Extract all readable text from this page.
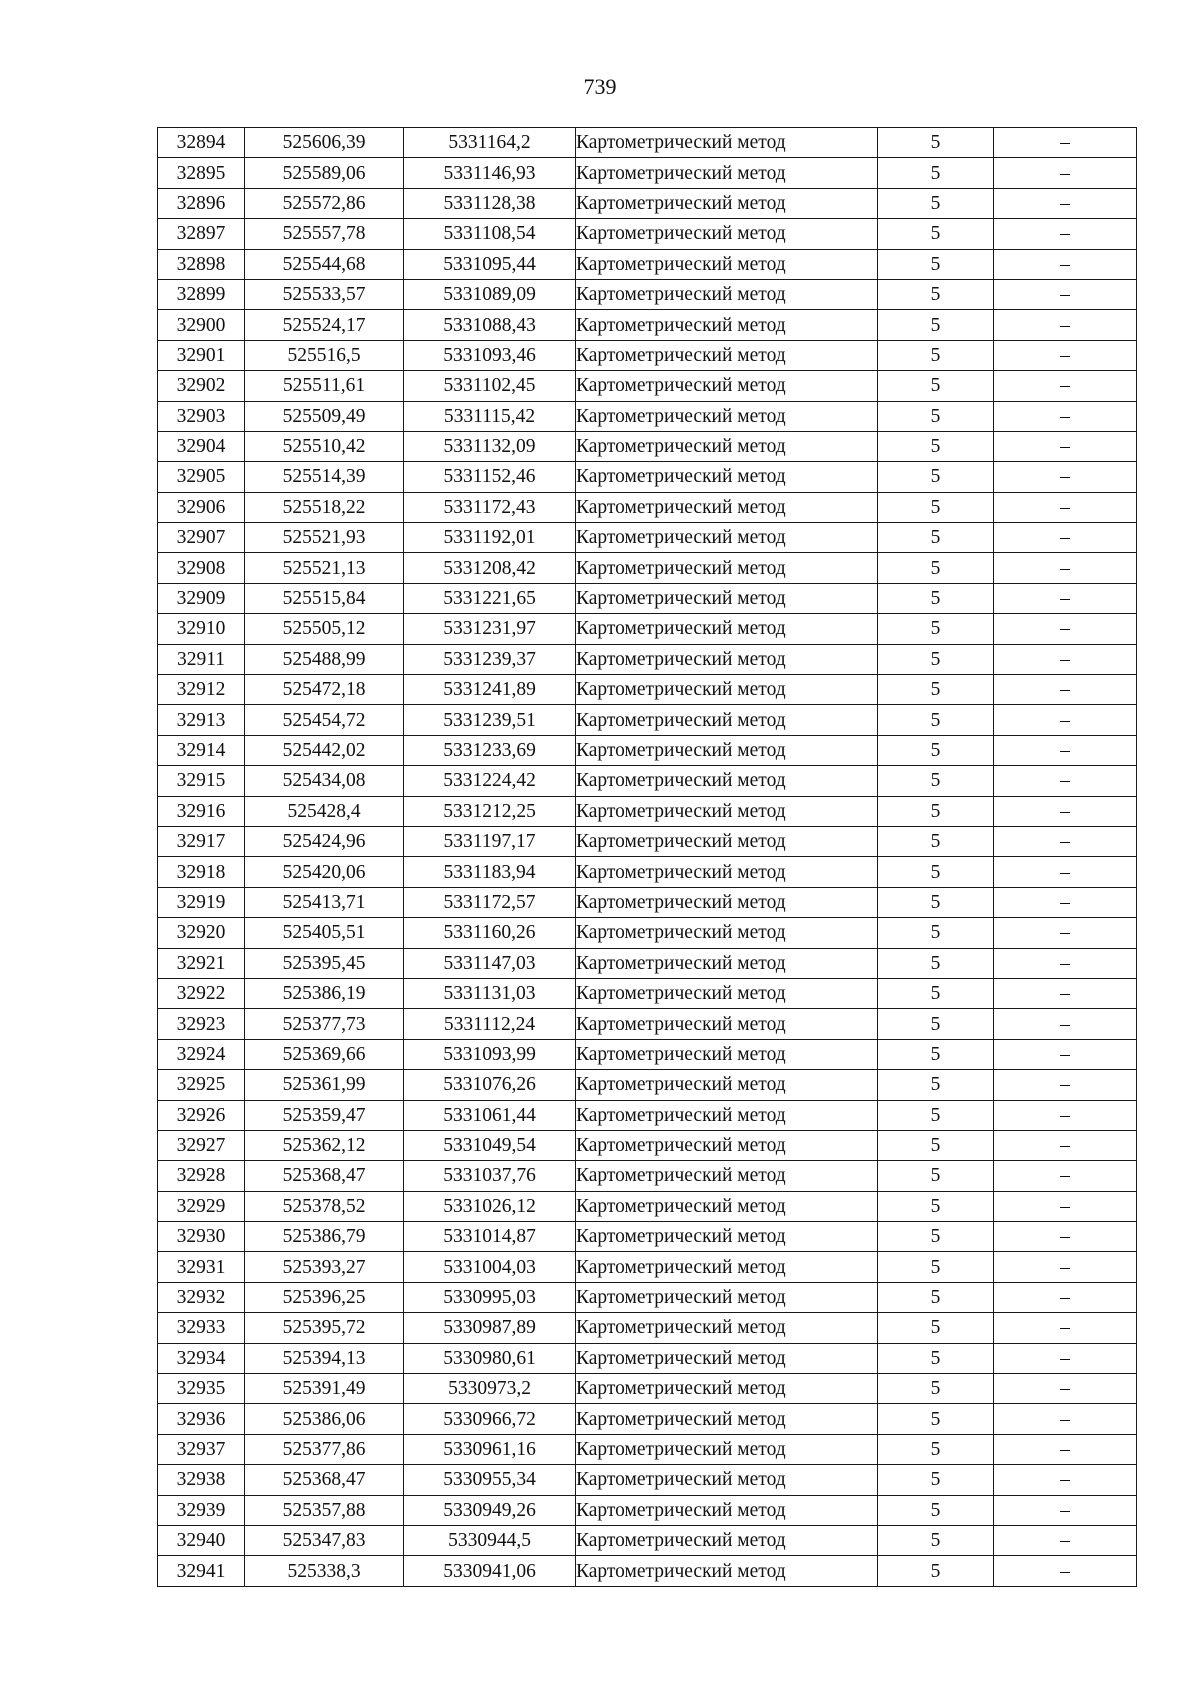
739
32894	525606,39	5331164,2	Картометрический метод	5	–
32895	525589,06	5331146,93	Картометрический метод	5	–
32896	525572,86	5331128,38	Картометрический метод	5	–
32897	525557,78	5331108,54	Картометрический метод	5	–
32898	525544,68	5331095,44	Картометрический метод	5	–
32899	525533,57	5331089,09	Картометрический метод	5	–
32900	525524,17	5331088,43	Картометрический метод	5	–
32901	525516,5	5331093,46	Картометрический метод	5	–
32902	525511,61	5331102,45	Картометрический метод	5	–
32903	525509,49	5331115,42	Картометрический метод	5	–
32904	525510,42	5331132,09	Картометрический метод	5	–
32905	525514,39	5331152,46	Картометрический метод	5	–
32906	525518,22	5331172,43	Картометрический метод	5	–
32907	525521,93	5331192,01	Картометрический метод	5	–
32908	525521,13	5331208,42	Картометрический метод	5	–
32909	525515,84	5331221,65	Картометрический метод	5	–
32910	525505,12	5331231,97	Картометрический метод	5	–
32911	525488,99	5331239,37	Картометрический метод	5	–
32912	525472,18	5331241,89	Картометрический метод	5	–
32913	525454,72	5331239,51	Картометрический метод	5	–
32914	525442,02	5331233,69	Картометрический метод	5	–
32915	525434,08	5331224,42	Картометрический метод	5	–
32916	525428,4	5331212,25	Картометрический метод	5	–
32917	525424,96	5331197,17	Картометрический метод	5	–
32918	525420,06	5331183,94	Картометрический метод	5	–
32919	525413,71	5331172,57	Картометрический метод	5	–
32920	525405,51	5331160,26	Картометрический метод	5	–
32921	525395,45	5331147,03	Картометрический метод	5	–
32922	525386,19	5331131,03	Картометрический метод	5	–
32923	525377,73	5331112,24	Картометрический метод	5	–
32924	525369,66	5331093,99	Картометрический метод	5	–
32925	525361,99	5331076,26	Картометрический метод	5	–
32926	525359,47	5331061,44	Картометрический метод	5	–
32927	525362,12	5331049,54	Картометрический метод	5	–
32928	525368,47	5331037,76	Картометрический метод	5	–
32929	525378,52	5331026,12	Картометрический метод	5	–
32930	525386,79	5331014,87	Картометрический метод	5	–
32931	525393,27	5331004,03	Картометрический метод	5	–
32932	525396,25	5330995,03	Картометрический метод	5	–
32933	525395,72	5330987,89	Картометрический метод	5	–
32934	525394,13	5330980,61	Картометрический метод	5	–
32935	525391,49	5330973,2	Картометрический метод	5	–
32936	525386,06	5330966,72	Картометрический метод	5	–
32937	525377,86	5330961,16	Картометрический метод	5	–
32938	525368,47	5330955,34	Картометрический метод	5	–
32939	525357,88	5330949,26	Картометрический метод	5	–
32940	525347,83	5330944,5	Картометрический метод	5	–
32941	525338,3	5330941,06	Картометрический метод	5	–
